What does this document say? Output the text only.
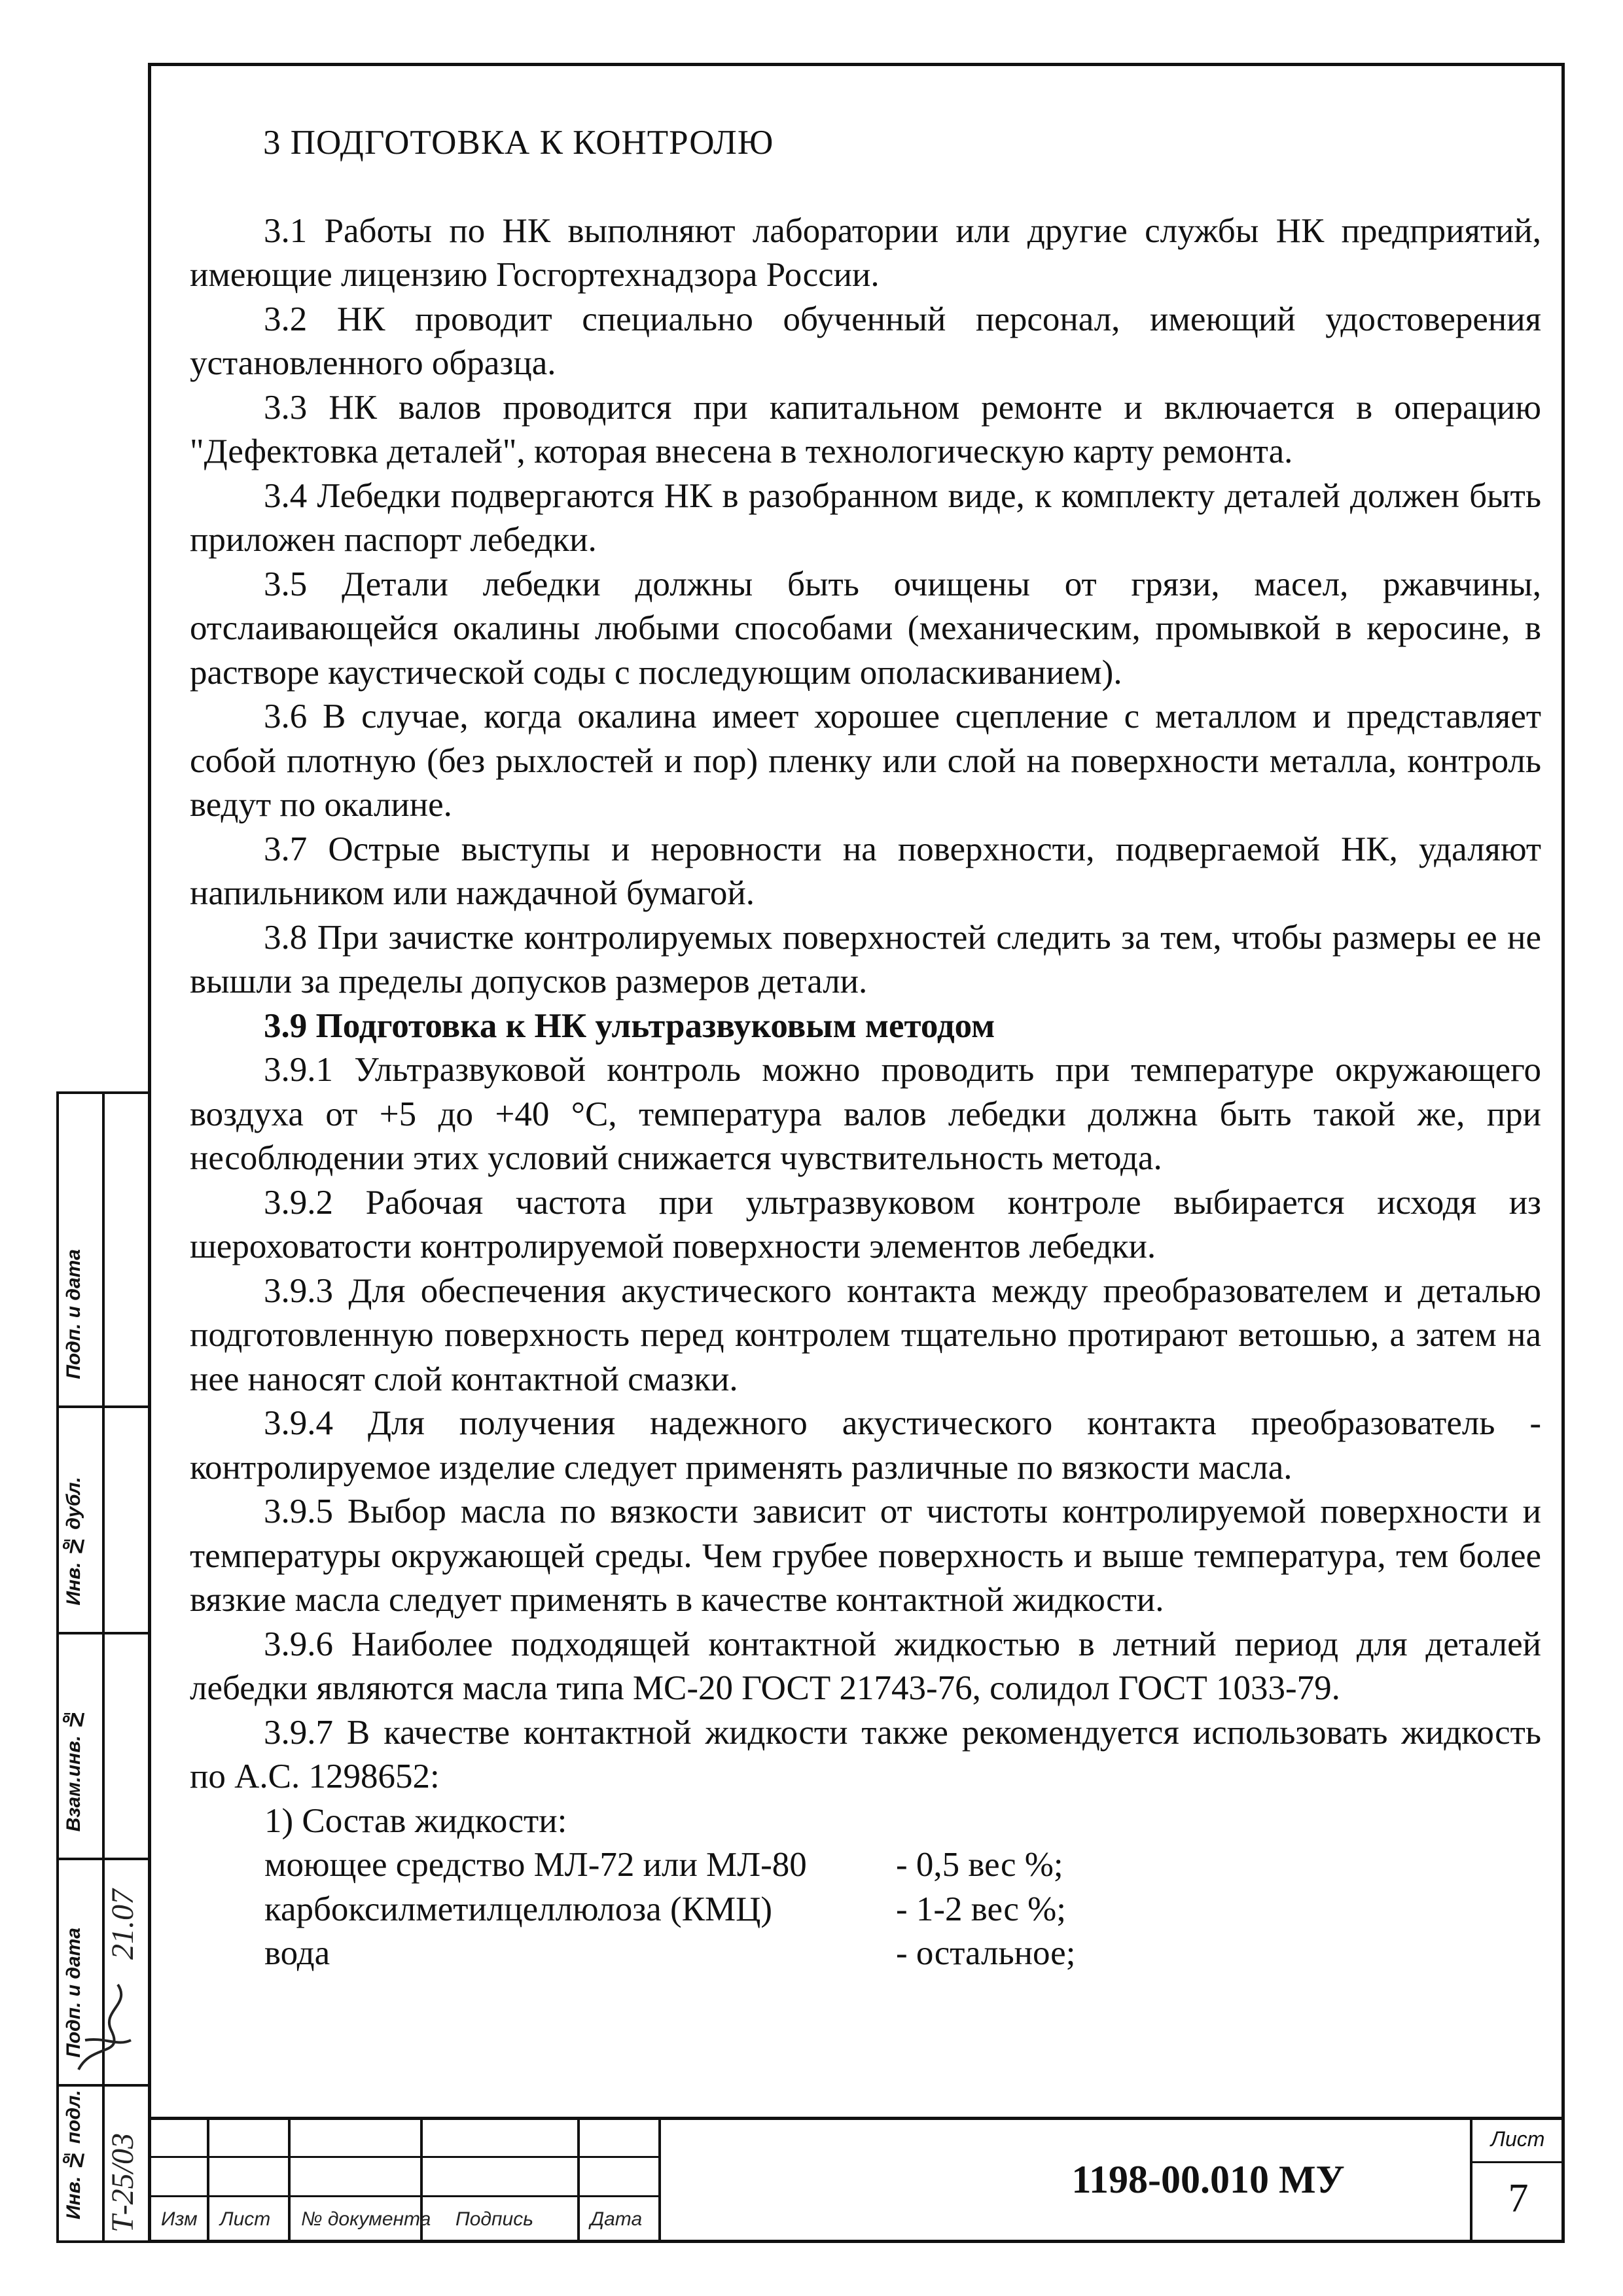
3 ПОДГОТОВКА К КОНТРОЛЮ

3.1 Работы по НК выполняют лаборатории или другие службы НК предприятий, имеющие лицензию Госгортехнадзора России.

3.2 НК проводит специально обученный персонал, имеющий удостоверения установленного образца.

3.3 НК валов проводится при капитальном ремонте и включается в операцию "Дефектовка деталей", которая внесена в технологическую карту ремонта.

3.4 Лебедки подвергаются НК в разобранном виде, к комплекту деталей должен быть приложен паспорт лебедки.

3.5 Детали лебедки должны быть очищены от грязи, масел, ржавчины, отслаивающейся окалины любыми способами (механическим, промывкой в керосине, в растворе каустической соды с последующим ополаскиванием).

3.6 В случае, когда окалина имеет хорошее сцепление с металлом и представляет собой плотную (без рыхлостей и пор) пленку или слой на поверхности металла, контроль ведут по окалине.

3.7 Острые выступы и неровности на поверхности, подвергаемой НК, удаляют напильником или наждачной бумагой.

3.8 При зачистке контролируемых поверхностей следить за тем, чтобы размеры ее не вышли за пределы допусков размеров детали.

3.9 Подготовка к НК ультразвуковым методом

3.9.1 Ультразвуковой контроль можно проводить при температуре окружающего воздуха от +5 до +40 °С, температура валов лебедки должна быть такой же, при несоблюдении этих условий снижается чувствительность метода.

3.9.2 Рабочая частота при ультразвуковом контроле выбирается исходя из шероховатости контролируемой поверхности элементов лебедки.

3.9.3 Для обеспечения акустического контакта между преобразователем и деталью подготовленную поверхность перед контролем тщательно протирают ветошью, а затем на нее наносят слой контактной смазки.

3.9.4 Для получения надежного акустического контакта преобразователь - контролируемое изделие следует применять различные по вязкости масла.

3.9.5 Выбор масла по вязкости зависит от чистоты контролируемой поверхности и температуры окружающей среды. Чем грубее поверхность и выше температура, тем более вязкие масла следует применять в качестве контактной жидкости.

3.9.6 Наиболее подходящей контактной жидкостью в летний период для деталей лебедки являются масла типа МС-20 ГОСТ 21743-76, солидол ГОСТ 1033-79.

3.9.7 В качестве контактной жидкости также рекомендуется использовать жидкость по А.С. 1298652:

1) Состав жидкости:
моющее средство МЛ-72 или МЛ-80	- 0,5 вес %;
карбоксилметилцеллюлоза (КМЦ)	- 1-2 вес %;
вода	- остальное;
Подп. и дата
Инв. № дубл.
Взам.инв. №
Подп. и дата
21.07
Инв. № подл. Т-25/03	Изм Лист № документа Подпись	Дата
1198-00.010 МУ
Лист
7
